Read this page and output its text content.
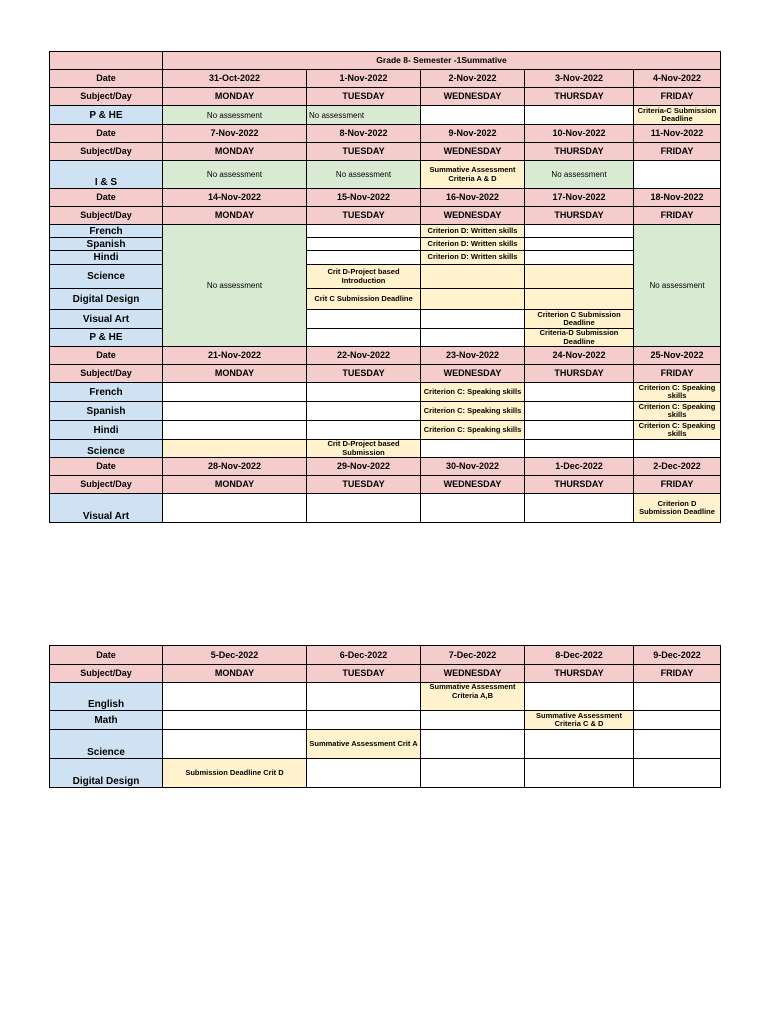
	Grade 8- Semester -1Summative				
Date	31-Oct-2022	1-Nov-2022	2-Nov-2022	3-Nov-2022	4-Nov-2022
Subject/Day	MONDAY	TUESDAY	WEDNESDAY	THURSDAY	FRIDAY
P & HE	No assessment	No assessment			Criteria-C Submission Deadline
Date	7-Nov-2022	8-Nov-2022	9-Nov-2022	10-Nov-2022	11-Nov-2022
Subject/Day	MONDAY	TUESDAY	WEDNESDAY	THURSDAY	FRIDAY
I & S	No assessment	No assessment	Summative Assessment Criteria A & D	No assessment	
Date	14-Nov-2022	15-Nov-2022	16-Nov-2022	17-Nov-2022	18-Nov-2022
Subject/Day	MONDAY	TUESDAY	WEDNESDAY	THURSDAY	FRIDAY
French	No assessment		Criterion D: Written skills		No assessment
Spanish			Criterion D: Written skills		
Hindi			Criterion D: Written skills		
Science		Crit D-Project based Introduction			
Digital Design		Crit C Submission Deadline			
Visual Art				Criterion C Submission Deadline	
P & HE				Criteria-D Submission Deadline	
Date	21-Nov-2022	22-Nov-2022	23-Nov-2022	24-Nov-2022	25-Nov-2022
Subject/Day	MONDAY	TUESDAY	WEDNESDAY	THURSDAY	FRIDAY
French			Criterion C: Speaking skills		Criterion C: Speaking skills
Spanish			Criterion C: Speaking skills		Criterion C: Speaking skills
Hindi			Criterion C: Speaking skills		Criterion C: Speaking skills
Science		Crit D-Project based Submission			
Date	28-Nov-2022	29-Nov-2022	30-Nov-2022	1-Dec-2022	2-Dec-2022
Subject/Day	MONDAY	TUESDAY	WEDNESDAY	THURSDAY	FRIDAY
Visual Art					Criterion D Submission Deadline
Date	5-Dec-2022	6-Dec-2022	7-Dec-2022	8-Dec-2022	9-Dec-2022
Subject/Day	MONDAY	TUESDAY	WEDNESDAY	THURSDAY	FRIDAY
English			Summative Assessment Criteria A,B		
Math				Summative Assessment Criteria C & D	
Science		Summative Assessment Crit A			
Digital Design	Submission Deadline Crit D				
